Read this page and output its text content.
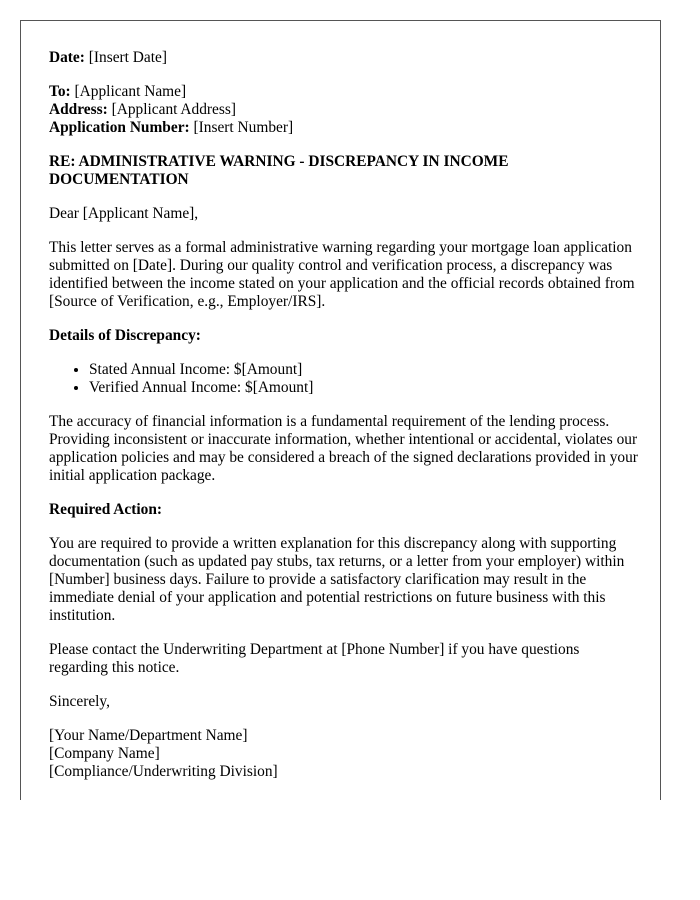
Date: [Insert Date]

To: [Applicant Name]
Address: [Applicant Address]
Application Number: [Insert Number]

RE: ADMINISTRATIVE WARNING - DISCREPANCY IN INCOME DOCUMENTATION

Dear [Applicant Name],

This letter serves as a formal administrative warning regarding your mortgage loan application submitted on [Date]. During our quality control and verification process, a discrepancy was identified between the income stated on your application and the official records obtained from [Source of Verification, e.g., Employer/IRS].

Details of Discrepancy:

• Stated Annual Income: $[Amount]
• Verified Annual Income: $[Amount]

The accuracy of financial information is a fundamental requirement of the lending process. Providing inconsistent or inaccurate information, whether intentional or accidental, violates our application policies and may be considered a breach of the signed declarations provided in your initial application package.

Required Action:

You are required to provide a written explanation for this discrepancy along with supporting documentation (such as updated pay stubs, tax returns, or a letter from your employer) within [Number] business days. Failure to provide a satisfactory clarification may result in the immediate denial of your application and potential restrictions on future business with this institution.

Please contact the Underwriting Department at [Phone Number] if you have questions regarding this notice.

Sincerely,

[Your Name/Department Name]
[Company Name]
[Compliance/Underwriting Division]
